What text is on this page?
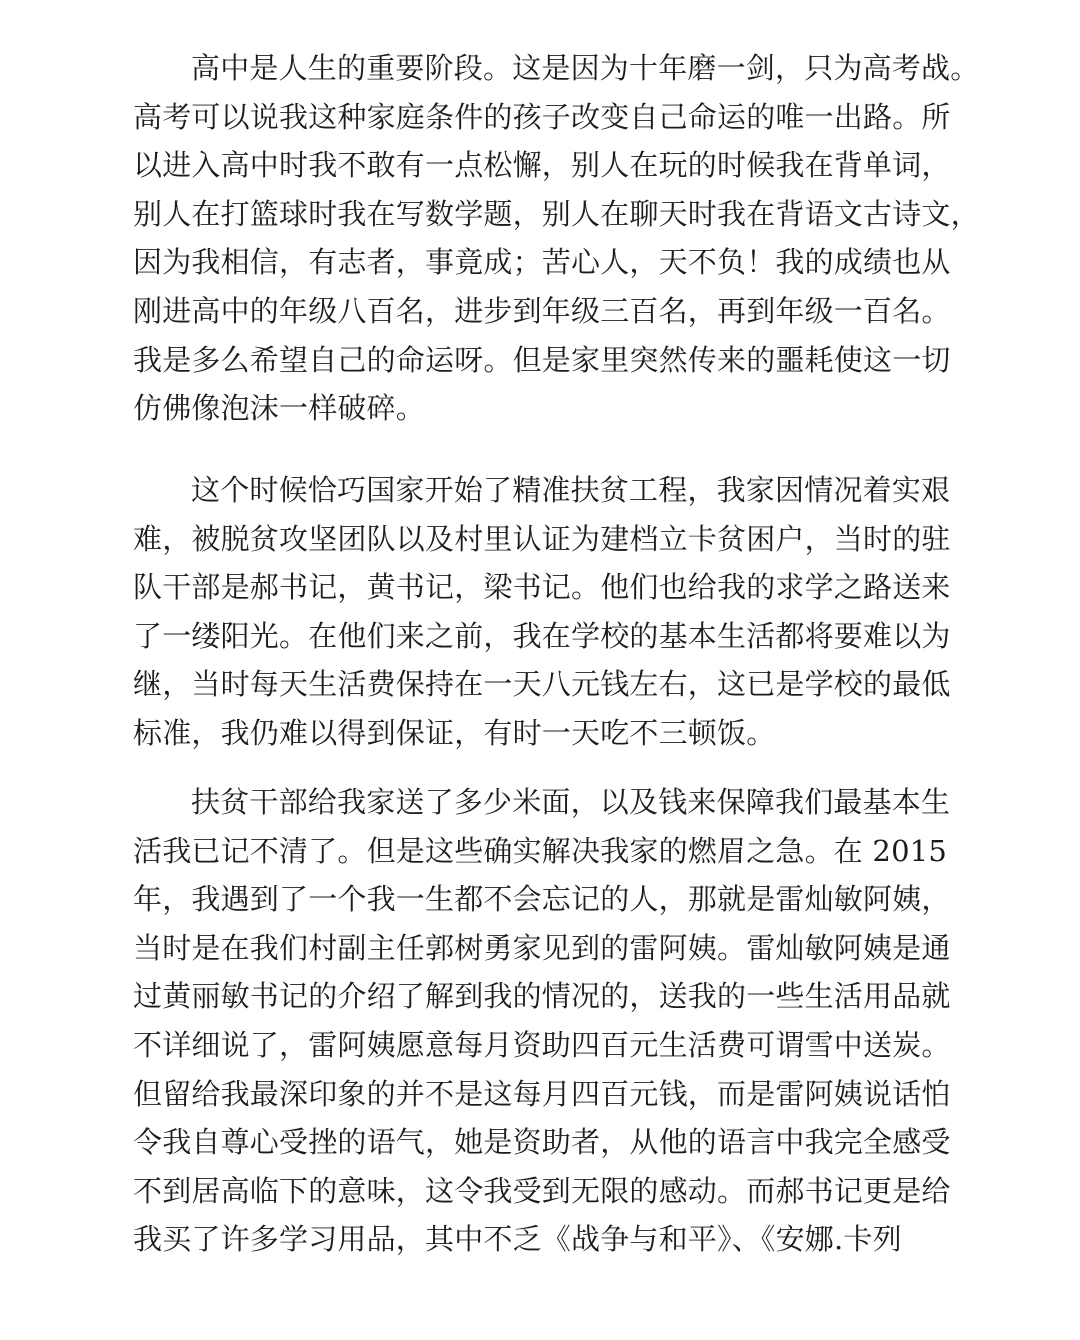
高中是人生的重要阶段。这是因为十年磨一剑，只为高考战。
高考可以说我这种家庭条件的孩子改变自己命运的唯一出路。所
以进入高中时我不敢有一点松懈，别人在玩的时候我在背单词，
别人在打篮球时我在写数学题，别人在聊天时我在背语文古诗文，
因为我相信，有志者，事竟成；苦心人，天不负！我的成绩也从
刚进高中的年级八百名，进步到年级三百名，再到年级一百名。
我是多么希望自己的命运呀。但是家里突然传来的噩耗使这一切
仿佛像泡沫一样破碎。
这个时候恰巧国家开始了精准扶贫工程，我家因情况着实艰
难，被脱贫攻坚团队以及村里认证为建档立卡贫困户，当时的驻
队干部是郝书记，黄书记，梁书记。他们也给我的求学之路送来
了一缕阳光。在他们来之前，我在学校的基本生活都将要难以为
继，当时每天生活费保持在一天八元钱左右，这已是学校的最低
标准，我仍难以得到保证，有时一天吃不三顿饭。
扶贫干部给我家送了多少米面，以及钱来保障我们最基本生
活我已记不清了。但是这些确实解决我家的燃眉之急。在 2015
年，我遇到了一个我一生都不会忘记的人，那就是雷灿敏阿姨，
当时是在我们村副主任郭树勇家见到的雷阿姨。雷灿敏阿姨是通
过黄丽敏书记的介绍了解到我的情况的，送我的一些生活用品就
不详细说了，雷阿姨愿意每月资助四百元生活费可谓雪中送炭。
但留给我最深印象的并不是这每月四百元钱，而是雷阿姨说话怕
令我自尊心受挫的语气，她是资助者，从他的语言中我完全感受
不到居高临下的意味，这令我受到无限的感动。而郝书记更是给
我买了许多学习用品，其中不乏《战争与和平》、《安娜.卡列
